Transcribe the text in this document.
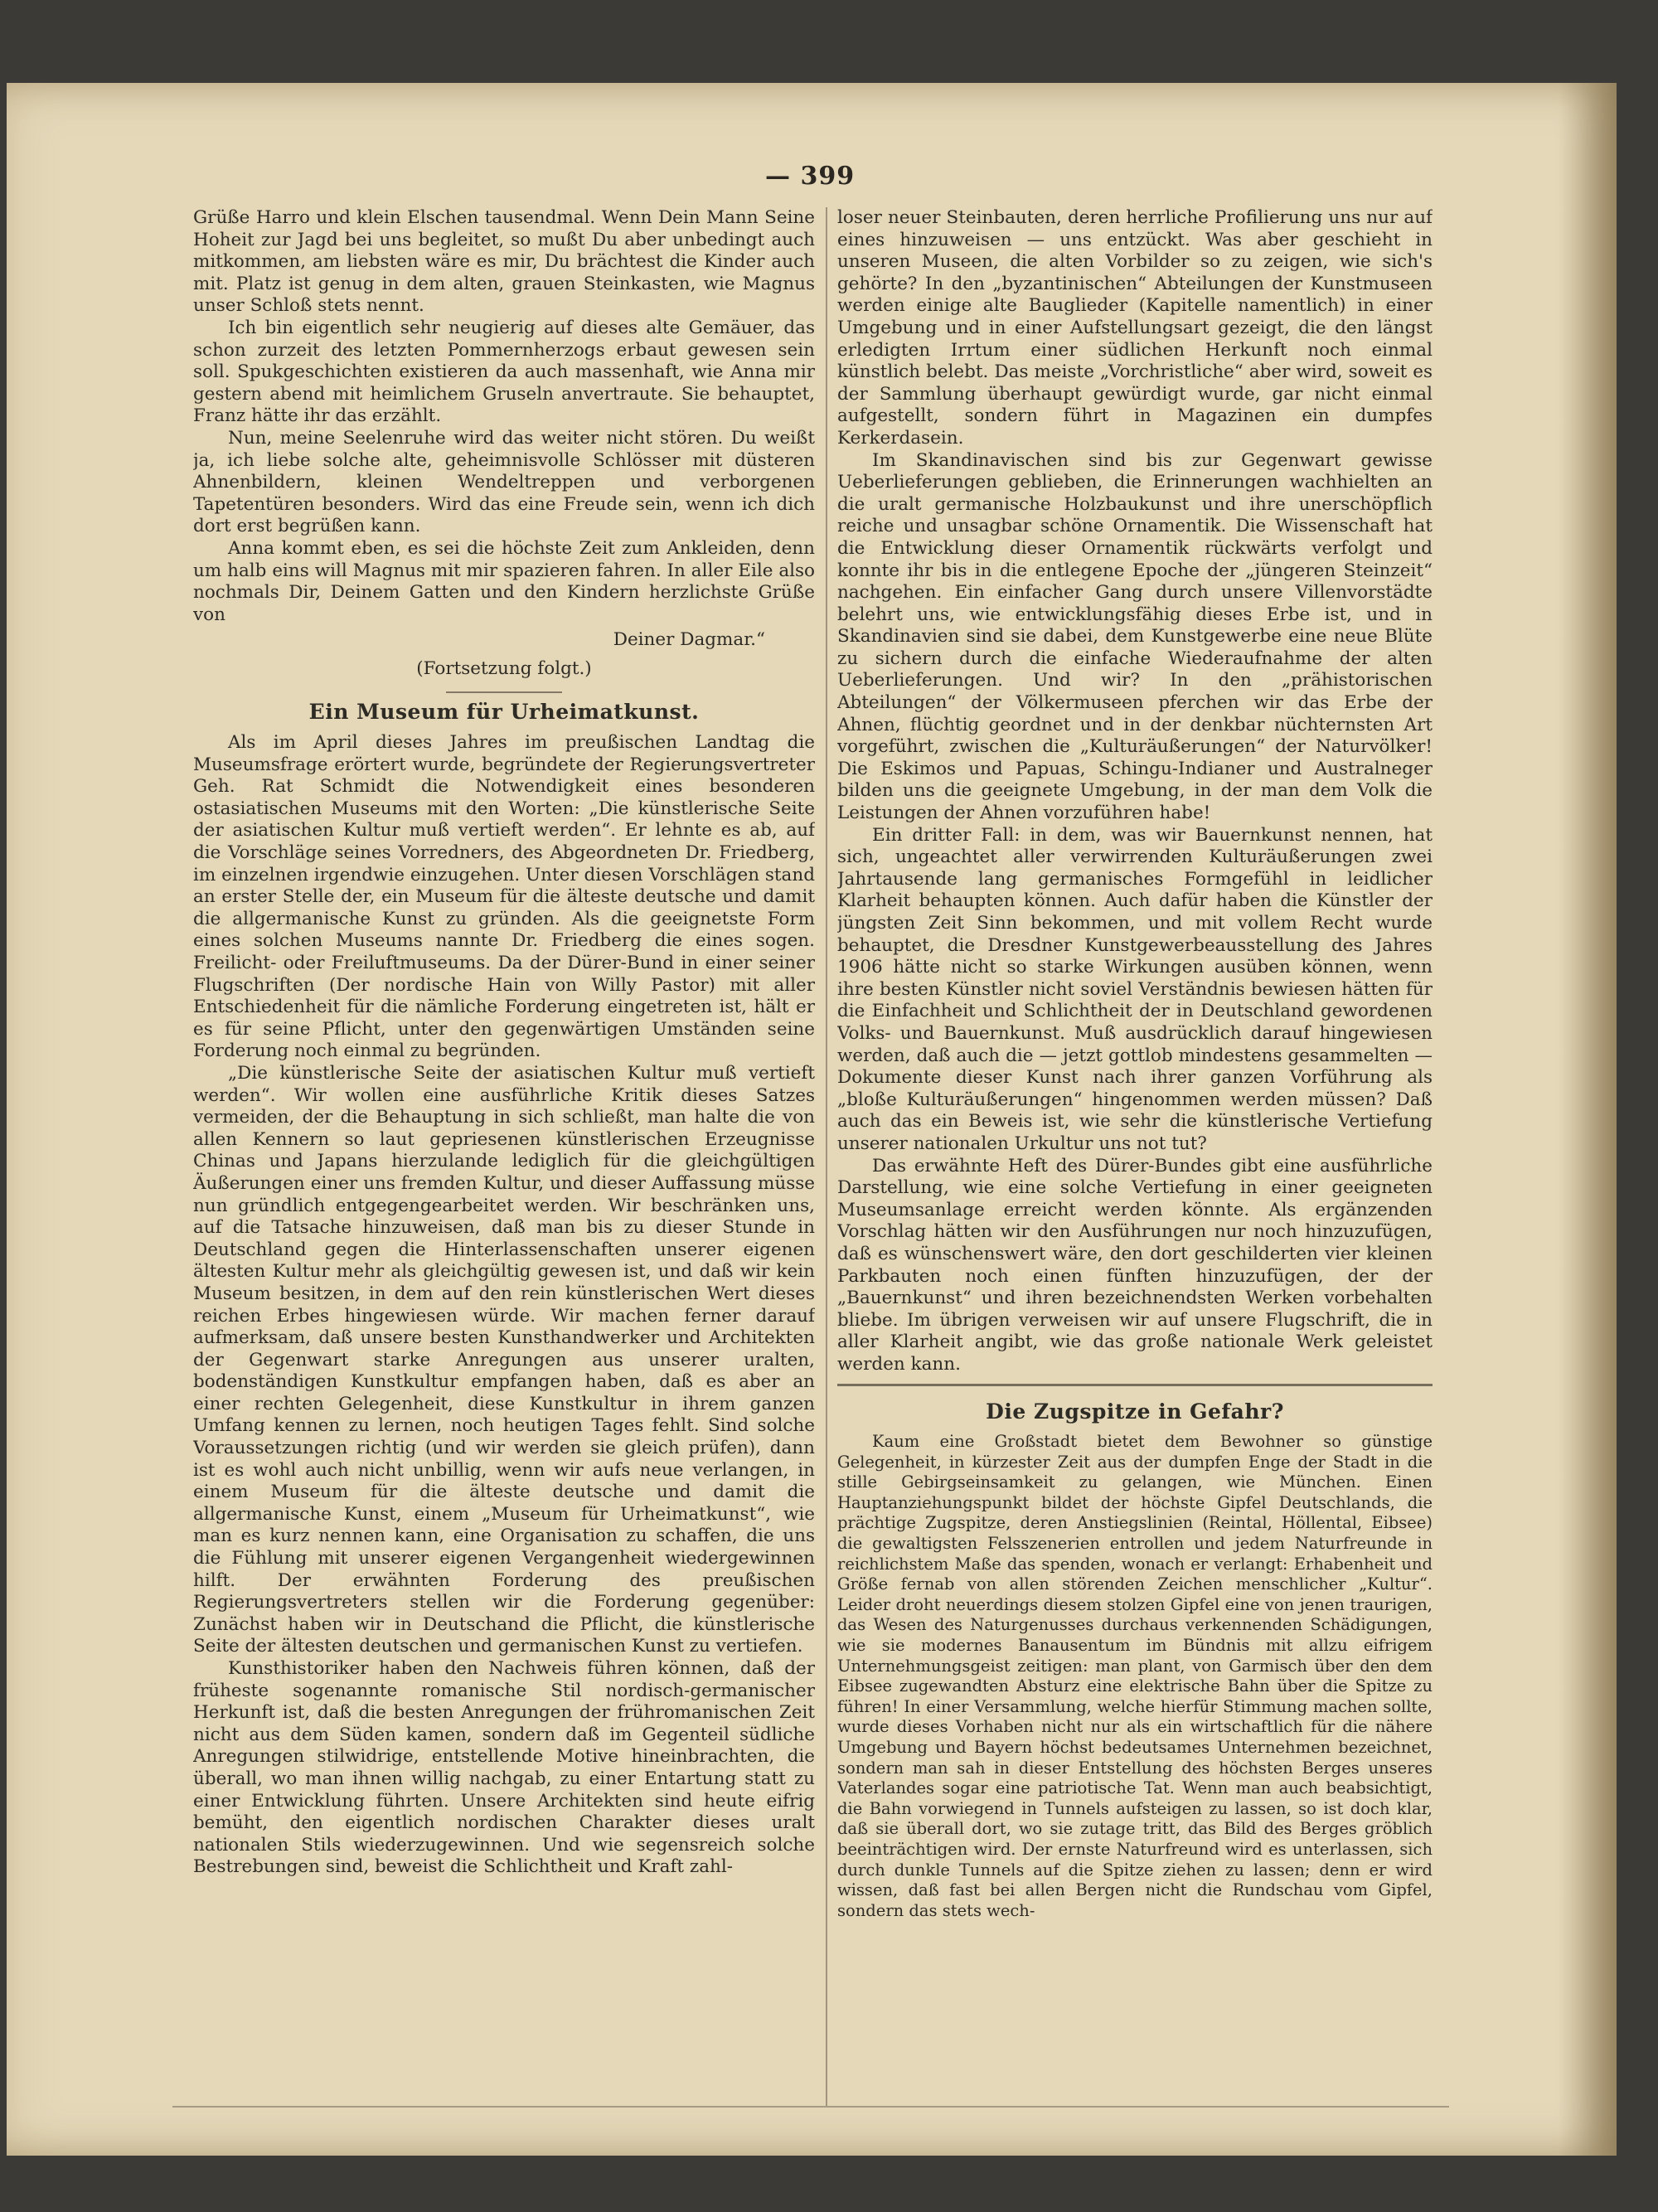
— 399

Grüße Harro und klein Elschen tausendmal. Wenn Dein Mann Seine Hoheit zur Jagd bei uns begleitet, so mußt Du aber unbedingt auch mitkommen, am liebsten wäre es mir, Du brächtest die Kinder auch mit. Platz ist genug in dem alten, grauen Steinkasten, wie Magnus unser Schloß stets nennt.

Ich bin eigentlich sehr neugierig auf dieses alte Gemäuer, das schon zurzeit des letzten Pommernherzogs erbaut gewesen sein soll. Spukgeschichten existieren da auch massenhaft, wie Anna mir gestern abend mit heimlichem Gruseln anvertraute. Sie behauptet, Franz hätte ihr das erzählt.

Nun, meine Seelenruhe wird das weiter nicht stören. Du weißt ja, ich liebe solche alte, geheimnisvolle Schlösser mit düsteren Ahnenbildern, kleinen Wendeltreppen und verborgenen Tapetentüren besonders. Wird das eine Freude sein, wenn ich dich dort erst begrüßen kann.

Anna kommt eben, es sei die höchste Zeit zum Ankleiden, denn um halb eins will Magnus mit mir spazieren fahren. In aller Eile also nochmals Dir, Deinem Gatten und den Kindern herzlichste Grüße von

Deiner Dagmar.“

(Fortsetzung folgt.)

Ein Museum für Urheimatkunst.

Als im April dieses Jahres im preußischen Landtag die Museumsfrage erörtert wurde, begründete der Regierungsvertreter Geh. Rat Schmidt die Notwendigkeit eines besonderen ostasiatischen Museums mit den Worten: „Die künstlerische Seite der asiatischen Kultur muß vertieft werden“. Er lehnte es ab, auf die Vorschläge seines Vorredners, des Abgeordneten Dr. Friedberg, im einzelnen irgendwie einzugehen. Unter diesen Vorschlägen stand an erster Stelle der, ein Museum für die älteste deutsche und damit die allgermanische Kunst zu gründen. Als die geeignetste Form eines solchen Museums nannte Dr. Friedberg die eines sogen. Freilicht- oder Freiluftmuseums. Da der Dürer-Bund in einer seiner Flugschriften (Der nordische Hain von Willy Pastor) mit aller Entschiedenheit für die nämliche Forderung eingetreten ist, hält er es für seine Pflicht, unter den gegenwärtigen Umständen seine Forderung noch einmal zu begründen.

„Die künstlerische Seite der asiatischen Kultur muß vertieft werden“. Wir wollen eine ausführliche Kritik dieses Satzes vermeiden, der die Behauptung in sich schließt, man halte die von allen Kennern so laut gepriesenen künstlerischen Erzeugnisse Chinas und Japans hierzulande lediglich für die gleichgültigen Äußerungen einer uns fremden Kultur, und dieser Auffassung müsse nun gründlich entgegengearbeitet werden. Wir beschränken uns, auf die Tatsache hinzuweisen, daß man bis zu dieser Stunde in Deutschland gegen die Hinterlassenschaften unserer eigenen ältesten Kultur mehr als gleichgültig gewesen ist, und daß wir kein Museum besitzen, in dem auf den rein künstlerischen Wert dieses reichen Erbes hingewiesen würde. Wir machen ferner darauf aufmerksam, daß unsere besten Kunsthandwerker und Architekten der Gegenwart starke Anregungen aus unserer uralten, bodenständigen Kunstkultur empfangen haben, daß es aber an einer rechten Gelegenheit, diese Kunstkultur in ihrem ganzen Umfang kennen zu lernen, noch heutigen Tages fehlt. Sind solche Voraussetzungen richtig (und wir werden sie gleich prüfen), dann ist es wohl auch nicht unbillig, wenn wir aufs neue verlangen, in einem Museum für die älteste deutsche und damit die allgermanische Kunst, einem „Museum für Urheimatkunst“, wie man es kurz nennen kann, eine Organisation zu schaffen, die uns die Fühlung mit unserer eigenen Vergangenheit wiedergewinnen hilft. Der erwähnten Forderung des preußischen Regierungsvertreters stellen wir die Forderung gegenüber: Zunächst haben wir in Deutschand die Pflicht, die künstlerische Seite der ältesten deutschen und germanischen Kunst zu vertiefen.

Kunsthistoriker haben den Nachweis führen können, daß der früheste sogenannte romanische Stil nordisch-germanischer Herkunft ist, daß die besten Anregungen der frühromanischen Zeit nicht aus dem Süden kamen, sondern daß im Gegenteil südliche Anregungen stilwidrige, entstellende Motive hineinbrachten, die überall, wo man ihnen willig nachgab, zu einer Entartung statt zu einer Entwicklung führten. Unsere Architekten sind heute eifrig bemüht, den eigentlich nordischen Charakter dieses uralt nationalen Stils wiederzugewinnen. Und wie segensreich solche Bestrebungen sind, beweist die Schlichtheit und Kraft zahl-

loser neuer Steinbauten, deren herrliche Profilierung uns nur auf eines hinzuweisen — uns entzückt. Was aber geschieht in unseren Museen, die alten Vorbilder so zu zeigen, wie sich's gehörte? In den „byzantinischen“ Abteilungen der Kunstmuseen werden einige alte Bauglieder (Kapitelle namentlich) in einer Umgebung und in einer Aufstellungsart gezeigt, die den längst erledigten Irrtum einer südlichen Herkunft noch einmal künstlich belebt. Das meiste „Vorchristliche“ aber wird, soweit es der Sammlung überhaupt gewürdigt wurde, gar nicht einmal aufgestellt, sondern führt in Magazinen ein dumpfes Kerkerdasein.

Im Skandinavischen sind bis zur Gegenwart gewisse Ueberlieferungen geblieben, die Erinnerungen wachhielten an die uralt germanische Holzbaukunst und ihre unerschöpflich reiche und unsagbar schöne Ornamentik. Die Wissenschaft hat die Entwicklung dieser Ornamentik rückwärts verfolgt und konnte ihr bis in die entlegene Epoche der „jüngeren Steinzeit“ nachgehen. Ein einfacher Gang durch unsere Villenvorstädte belehrt uns, wie entwicklungsfähig dieses Erbe ist, und in Skandinavien sind sie dabei, dem Kunstgewerbe eine neue Blüte zu sichern durch die einfache Wiederaufnahme der alten Ueberlieferungen. Und wir? In den „prähistorischen Abteilungen“ der Völkermuseen pferchen wir das Erbe der Ahnen, flüchtig geordnet und in der denkbar nüchternsten Art vorgeführt, zwischen die „Kulturäußerungen“ der Naturvölker! Die Eskimos und Papuas, Schingu-Indianer und Australneger bilden uns die geeignete Umgebung, in der man dem Volk die Leistungen der Ahnen vorzuführen habe!

Ein dritter Fall: in dem, was wir Bauernkunst nennen, hat sich, ungeachtet aller verwirrenden Kulturäußerungen zwei Jahrtausende lang germanisches Formgefühl in leidlicher Klarheit behaupten können. Auch dafür haben die Künstler der jüngsten Zeit Sinn bekommen, und mit vollem Recht wurde behauptet, die Dresdner Kunstgewerbeausstellung des Jahres 1906 hätte nicht so starke Wirkungen ausüben können, wenn ihre besten Künstler nicht soviel Verständnis bewiesen hätten für die Einfachheit und Schlichtheit der in Deutschland gewordenen Volks- und Bauernkunst. Muß ausdrücklich darauf hingewiesen werden, daß auch die — jetzt gottlob mindestens gesammelten — Dokumente dieser Kunst nach ihrer ganzen Vorführung als „bloße Kulturäußerungen“ hingenommen werden müssen? Daß auch das ein Beweis ist, wie sehr die künstlerische Vertiefung unserer nationalen Urkultur uns not tut?

Das erwähnte Heft des Dürer-Bundes gibt eine ausführliche Darstellung, wie eine solche Vertiefung in einer geeigneten Museumsanlage erreicht werden könnte. Als ergänzenden Vorschlag hätten wir den Ausführungen nur noch hinzuzufügen, daß es wünschenswert wäre, den dort geschilderten vier kleinen Parkbauten noch einen fünften hinzuzufügen, der der „Bauernkunst“ und ihren bezeichnendsten Werken vorbehalten bliebe. Im übrigen verweisen wir auf unsere Flugschrift, die in aller Klarheit angibt, wie das große nationale Werk geleistet werden kann.

Die Zugspitze in Gefahr?

Kaum eine Großstadt bietet dem Bewohner so günstige Gelegenheit, in kürzester Zeit aus der dumpfen Enge der Stadt in die stille Gebirgseinsamkeit zu gelangen, wie München. Einen Hauptanziehungspunkt bildet der höchste Gipfel Deutschlands, die prächtige Zugspitze, deren Anstiegslinien (Reintal, Höllental, Eibsee) die gewaltigsten Felsszenerien entrollen und jedem Naturfreunde in reichlichstem Maße das spenden, wonach er verlangt: Erhabenheit und Größe fernab von allen störenden Zeichen menschlicher „Kultur“. Leider droht neuerdings diesem stolzen Gipfel eine von jenen traurigen, das Wesen des Naturgenusses durchaus verkennenden Schädigungen, wie sie modernes Banausentum im Bündnis mit allzu eifrigem Unternehmungsgeist zeitigen: man plant, von Garmisch über den dem Eibsee zugewandten Absturz eine elektrische Bahn über die Spitze zu führen! In einer Versammlung, welche hierfür Stimmung machen sollte, wurde dieses Vorhaben nicht nur als ein wirtschaftlich für die nähere Umgebung und Bayern höchst bedeutsames Unternehmen bezeichnet, sondern man sah in dieser Entstellung des höchsten Berges unseres Vaterlandes sogar eine patriotische Tat. Wenn man auch beabsichtigt, die Bahn vorwiegend in Tunnels aufsteigen zu lassen, so ist doch klar, daß sie überall dort, wo sie zutage tritt, das Bild des Berges gröblich beeinträchtigen wird. Der ernste Naturfreund wird es unterlassen, sich durch dunkle Tunnels auf die Spitze ziehen zu lassen; denn er wird wissen, daß fast bei allen Bergen nicht die Rundschau vom Gipfel, sondern das stets wech-
